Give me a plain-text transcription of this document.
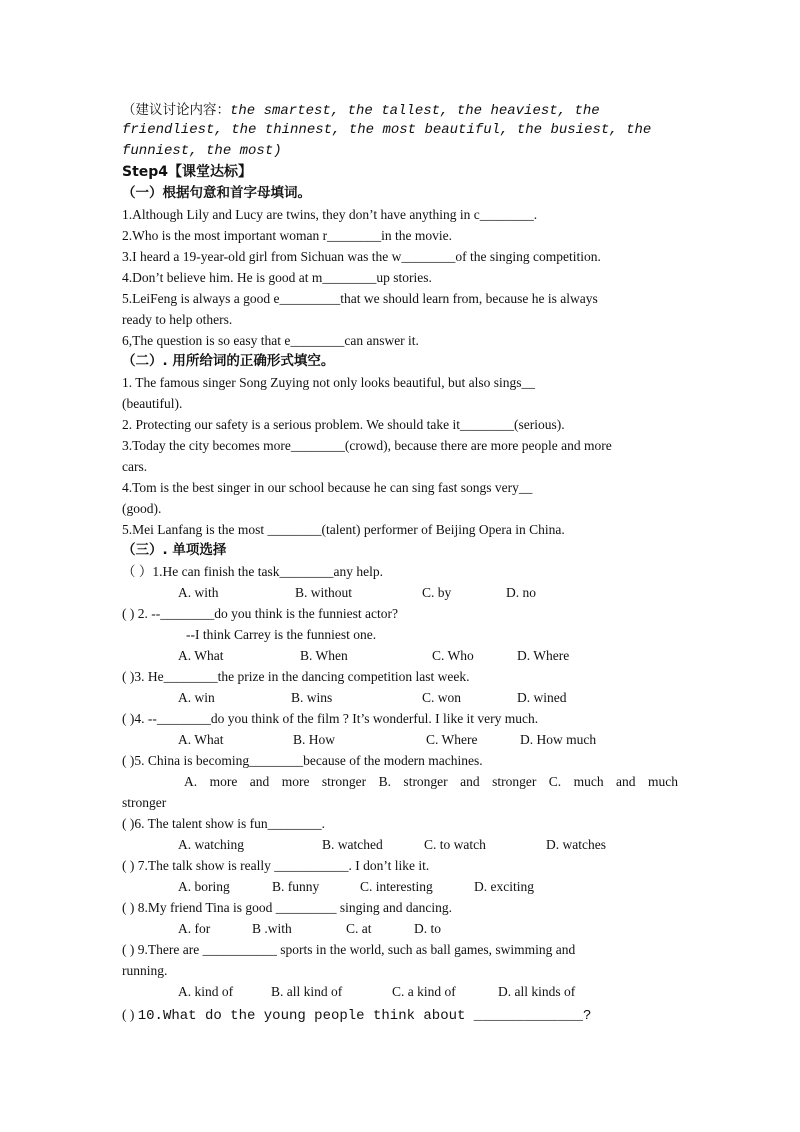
（建议讨论内容：the smartest, the tallest, the heaviest, the
friendliest, the thinnest, the most beautiful, the busiest, the
funniest, the most)
Step4【课堂达标】
（一）根据句意和首字母填词。
1.Although Lily and Lucy are twins, they don’t have anything in c________.
2.Who is the most important woman r________in the movie.
3.I heard a 19-year-old girl from Sichuan was the w________of the singing competition.
4.Don’t believe him. He is good at m________up stories.
5.LeiFeng is always a good e_________that we should learn from, because he is always
ready to help others.
6,The question is so easy that e________can answer it.
（二）. 用所给词的正确形式填空。
1. The famous singer Song Zuying not only looks beautiful, but also sings__
(beautiful).
2. Protecting our safety is a serious problem. We should take it________(serious).
3.Today the city becomes more________(crowd), because there are more people and more
cars.
4.Tom is the best singer in our school because he can sing fast songs very__
(good).
5.Mei Lanfang is the most ________(talent) performer of Beijing Opera in China.
（三）. 单项选择
（ ）1.He can finish the task________any help.
A. with	B. without	C. by	D. no
( ) 2. --________do you think is the funniest actor?
--I think Carrey is the funniest one.
A. What	B. When	C. Who	D. Where
( )3. He________the prize in the dancing competition last week.
A. win	B. wins	C. won	D. wined
( )4. --________do you think of the film ? It’s wonderful. I like it very much.
A. What	B. How	C. Where	D. How much
( )5. China is becoming________because of the modern machines.
A. more and more stronger B. stronger and stronger C. much and much
stronger
( )6. The talent show is fun________.
A. watching	B. watched	C. to watch	D. watches
( ) 7.The talk show is really ___________. I don’t like it.
A. boring	B. funny	C. interesting	D. exciting
( ) 8.My friend Tina is good _________ singing and dancing.
A. for	B .with	C. at	D. to
( ) 9.There are ___________ sports in the world, such as ball games, swimming and
running.
A. kind of	B. all kind of	C. a kind of	D. all kinds of
( ) 10.What do the young people think about _____________?
